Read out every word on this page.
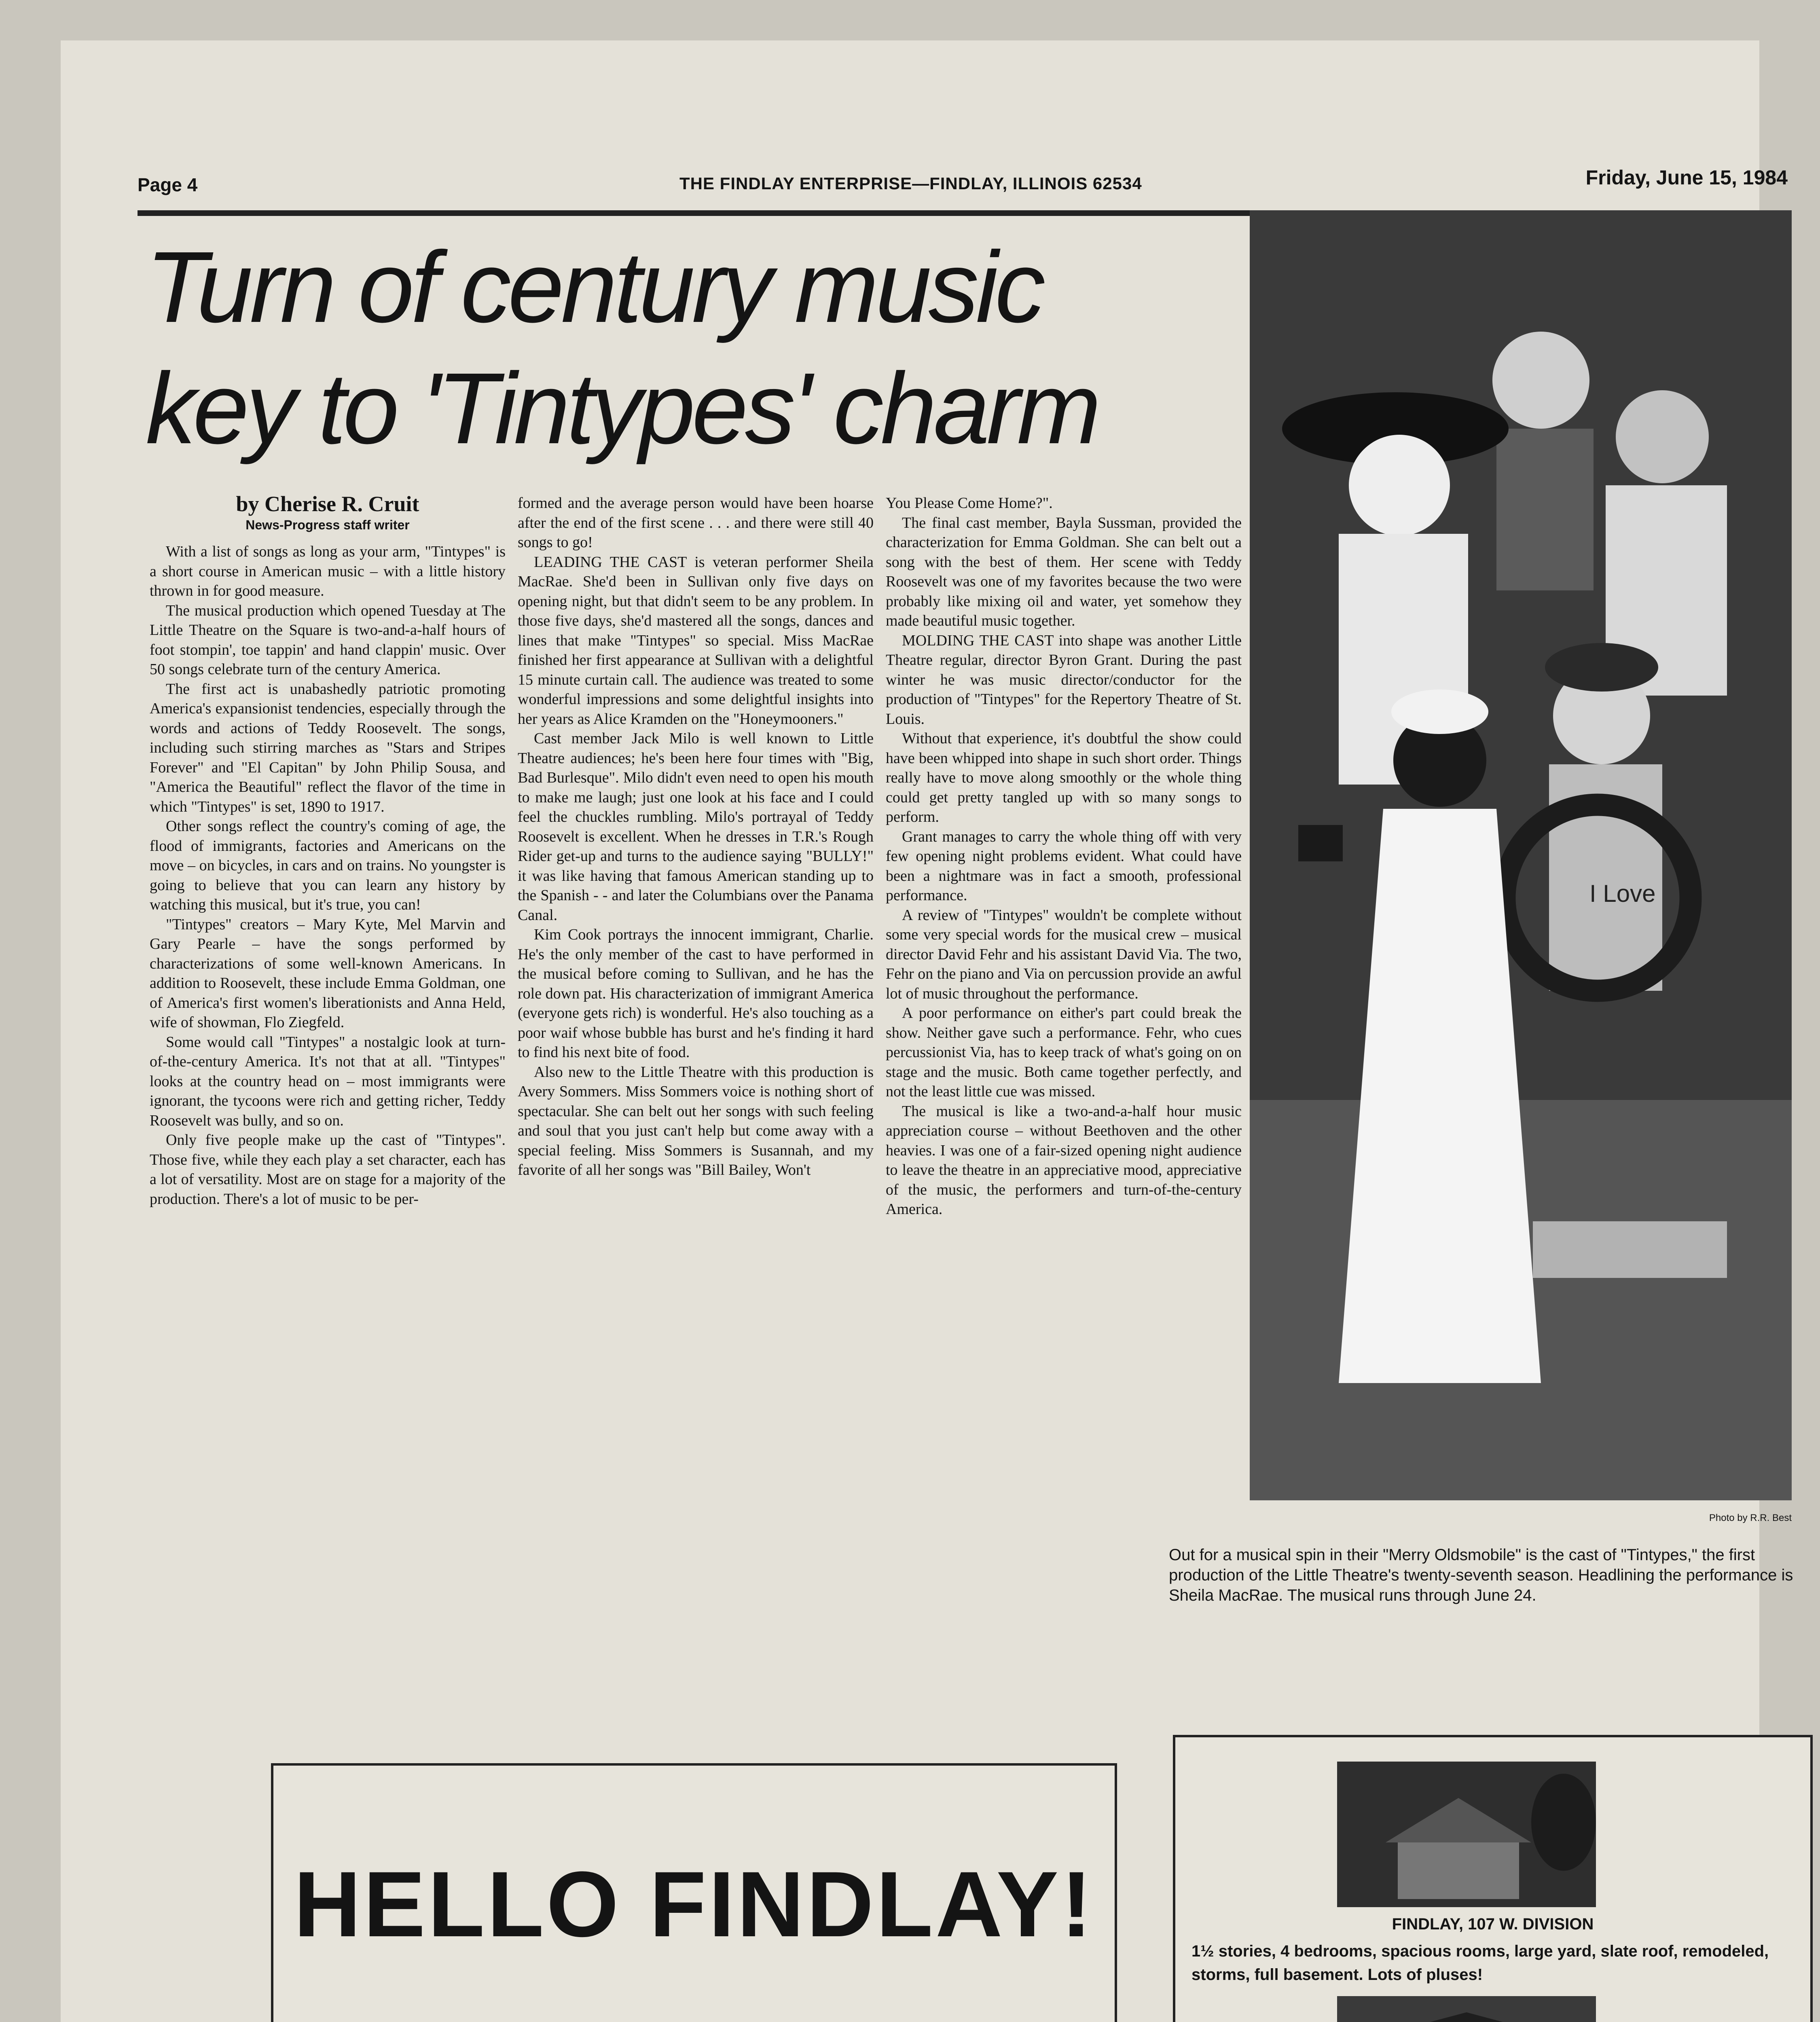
Page 4	THE FINDLAY ENTERPRISE—FINDLAY, ILLINOIS 62534	Friday, June 15, 1984
Turn of century music
key to 'Tintypes' charm
by Cherise R. Cruit
News-Progress staff writer

With a list of songs as long as your arm, "Tintypes" is a short course in American music – with a little history thrown in for good measure.

The musical production which opened Tuesday at The Little Theatre on the Square is two-and-a-half hours of foot stompin', toe tappin' and hand clappin' music. Over 50 songs celebrate turn of the century America.

The first act is unabashedly patriotic promoting America's expansionist tendencies, especially through the words and actions of Teddy Roosevelt. The songs, including such stirring marches as "Stars and Stripes Forever" and "El Capitan" by John Philip Sousa, and "America the Beautiful" reflect the flavor of the time in which "Tintypes" is set, 1890 to 1917.

Other songs reflect the country's coming of age, the flood of immigrants, factories and Americans on the move – on bicycles, in cars and on trains. No youngster is going to believe that you can learn any history by watching this musical, but it's true, you can!

"Tintypes" creators – Mary Kyte, Mel Marvin and Gary Pearle – have the songs performed by characterizations of some well-known Americans. In addition to Roosevelt, these include Emma Goldman, one of America's first women's liberationists and Anna Held, wife of showman, Flo Ziegfeld.

Some would call "Tintypes" a nostalgic look at turn-of-the-century America. It's not that at all. "Tintypes" looks at the country head on – most immigrants were ignorant, the tycoons were rich and getting richer, Teddy Roosevelt was bully, and so on.

Only five people make up the cast of "Tintypes". Those five, while they each play a set character, each has a lot of versatility. Most are on stage for a majority of the production. There's a lot of music to be per-

formed and the average person would have been hoarse after the end of the first scene . . . and there were still 40 songs to go!

LEADING THE CAST is veteran performer Sheila MacRae. She'd been in Sullivan only five days on opening night, but that didn't seem to be any problem. In those five days, she'd mastered all the songs, dances and lines that make "Tintypes" so special. Miss MacRae finished her first appearance at Sullivan with a delightful 15 minute curtain call. The audience was treated to some wonderful impressions and some delightful insights into her years as Alice Kramden on the "Honeymooners."

Cast member Jack Milo is well known to Little Theatre audiences; he's been here four times with "Big, Bad Burlesque". Milo didn't even need to open his mouth to make me laugh; just one look at his face and I could feel the chuckles rumbling. Milo's portrayal of Teddy Roosevelt is excellent. When he dresses in T.R.'s Rough Rider get-up and turns to the audience saying "BULLY!" it was like having that famous American standing up to the Spanish - - and later the Columbians over the Panama Canal.

Kim Cook portrays the innocent immigrant, Charlie. He's the only member of the cast to have performed in the musical before coming to Sullivan, and he has the role down pat. His characterization of immigrant America (everyone gets rich) is wonderful. He's also touching as a poor waif whose bubble has burst and he's finding it hard to find his next bite of food.

Also new to the Little Theatre with this production is Avery Sommers. Miss Sommers voice is nothing short of spectacular. She can belt out her songs with such feeling and soul that you just can't help but come away with a special feeling. Miss Sommers is Susannah, and my favorite of all her songs was "Bill Bailey, Won't

You Please Come Home?".

The final cast member, Bayla Sussman, provided the characterization for Emma Goldman. She can belt out a song with the best of them. Her scene with Teddy Roosevelt was one of my favorites because the two were probably like mixing oil and water, yet somehow they made beautiful music together.

MOLDING THE CAST into shape was another Little Theatre regular, director Byron Grant. During the past winter he was music director/conductor for the production of "Tintypes" for the Repertory Theatre of St. Louis.

Without that experience, it's doubtful the show could have been whipped into shape in such short order. Things really have to move along smoothly or the whole thing could get pretty tangled up with so many songs to perform.

Grant manages to carry the whole thing off with very few opening night problems evident. What could have been a nightmare was in fact a smooth, professional performance.

A review of "Tintypes" wouldn't be complete without some very special words for the musical crew – musical director David Fehr and his assistant David Via. The two, Fehr on the piano and Via on percussion provide an awful lot of music throughout the performance.

A poor performance on either's part could break the show. Neither gave such a performance. Fehr, who cues percussionist Via, has to keep track of what's going on on stage and the music. Both came together perfectly, and not the least little cue was missed.

The musical is like a two-and-a-half hour music appreciation course – without Beethoven and the other heavies. I was one of a fair-sized opening night audience to leave the theatre in an appreciative mood, appreciative of the music, the performers and turn-of-the-century America.

I Love
Photo by R.R. Best
Out for a musical spin in their "Merry Oldsmobile" is the cast of "Tintypes," the first production of the Little Theatre's twenty-seventh season. Headlining the performance is Sheila MacRae. The musical runs through June 24.
HELLO FINDLAY!	FINDLAY, 107 W. DIVISION
1½ stories, 4 bedrooms, spacious rooms, large yard, slate roof, remodeled, storms, full basement. Lots of pluses!
